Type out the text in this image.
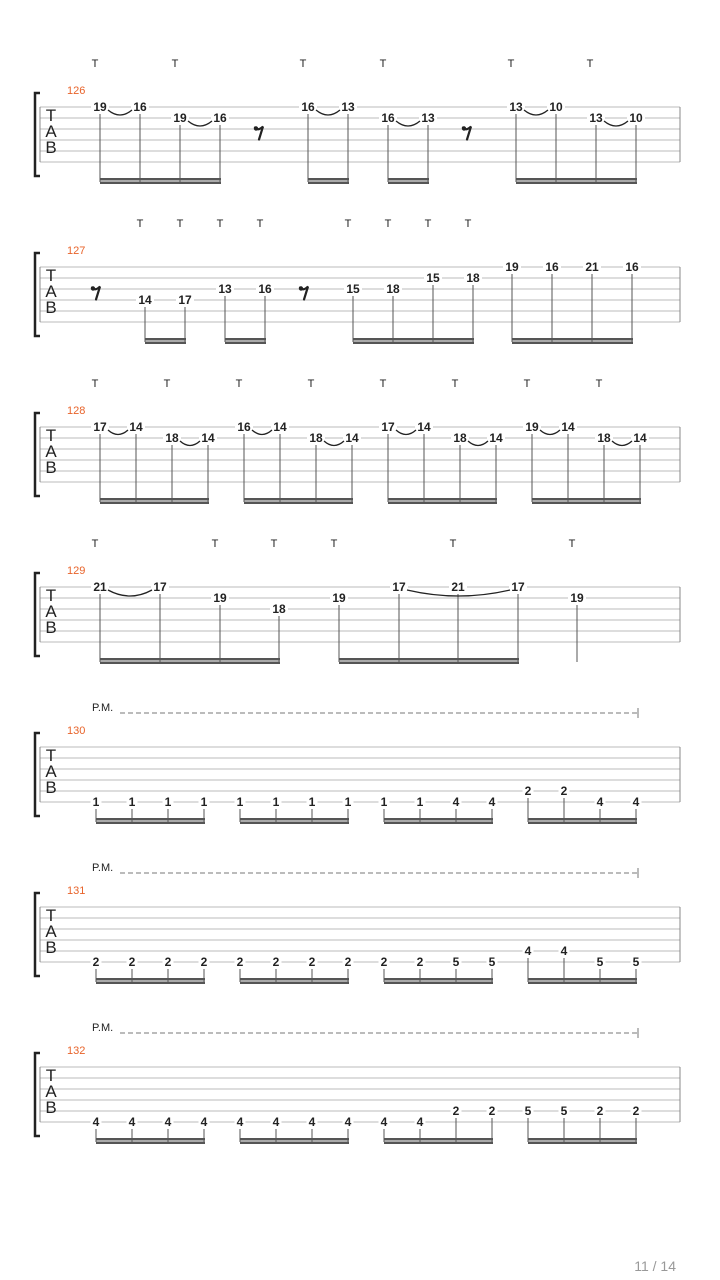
T
A
B
126
T	T	T	T	T	T
19 16
19 16
16 13
16 13
13 10
13 10
T
A
B
127
T	T	T	T	T	T	T	T
14 17
13 16	15 18
15 18
19 16 21 16
T
A
B
128
T	T	T	T	T	T	T	T
17 14
18 14
16 14
18 14
17 14
18 14
19 14
18 14
T
A
B
129
T	T	T	T	T	T
21	17
19
18
19
17	21	17
19
T
A
B
130
P.M.
1 1 1 1 1 1 1 1 1 1 4 4
2 2
4 4
T
A
B
131
P.M.
2 2 2 2 2 2 2 2 2 2 5 5
4 4
5 5
T
A
B
132
P.M.
4 4 4 4 4 4 4 4 4 4
2 2 5 5 2 2
11 / 14
